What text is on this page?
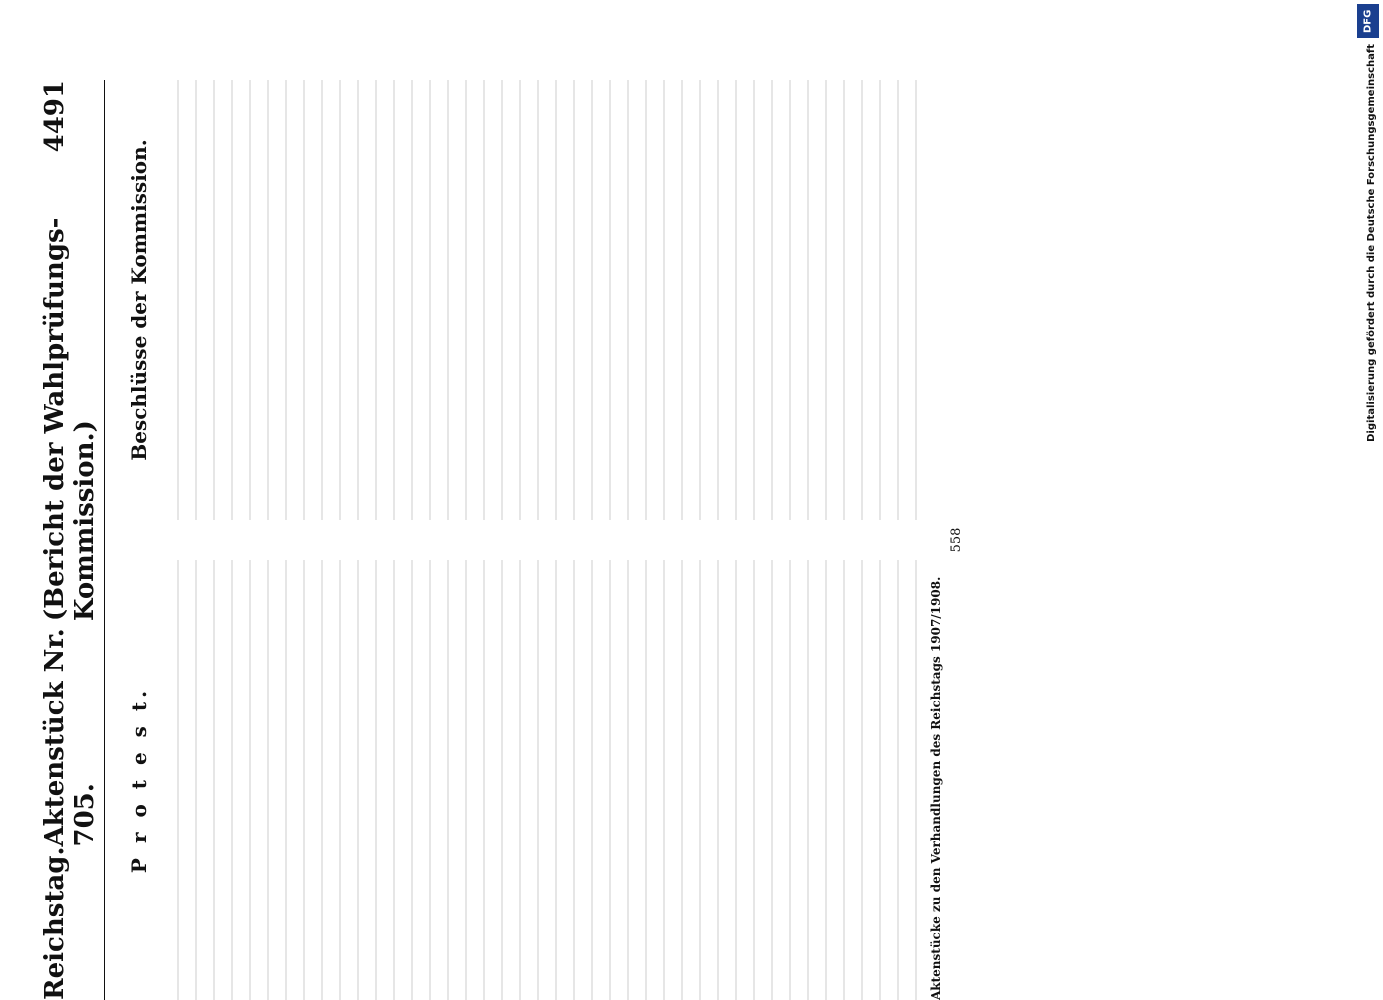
Reichstag.
Aktenstück Nr. 705.
(Bericht der Wahlprüfungs-Kommission.)
4491
P r o t e s t.
Beschlüsse der Kommission.
Aktenstücke zu den Verhandlungen des Reichstags 1907/1908.
558
DFG
Digitalisierung gefördert durch die Deutsche Forschungsgemeinschaft
